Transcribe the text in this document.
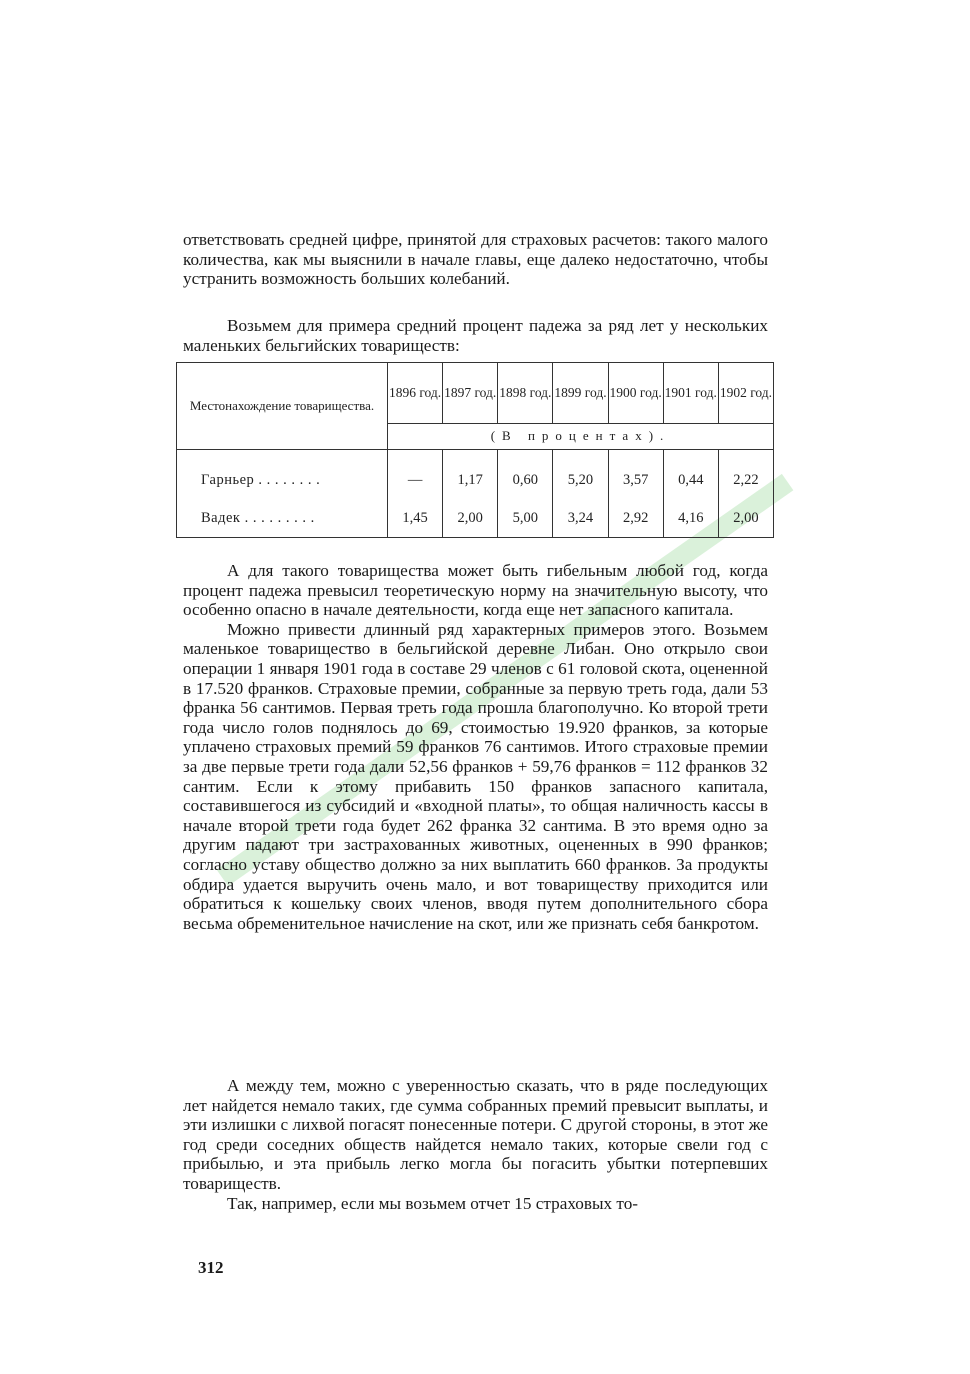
ответствовать средней цифре, принятой для страховых расчетов: такого малого количества, как мы выяснили в начале главы, еще далеко недостаточно, чтобы устранить возможность больших колебаний.

Возьмем для примера средний процент падежа за ряд лет у нескольких маленьких бельгийских товариществ:

Местонахождение товарищества.	1896 год.	1897 год.	1898 год.	1899 год.	1900 год.	1901 год.	1902 год.
	(В процентах).						

Гарньер . . . . . . . .	—	1,17	0,60	5,20	3,57	0,44	2,22
Вадек . . . . . . . . .	1,45	2,00	5,00	3,24	2,92	4,16	2,00

А для такого товарищества может быть гибельным любой год, когда процент падежа превысил теоретическую норму на значительную высоту, что особенно опасно в начале деятельности, когда еще нет запасного капитала.

Можно привести длинный ряд характерных примеров этого. Возьмем маленькое товарищество в бельгийской деревне Либан. Оно открыло свои операции 1 января 1901 года в составе 29 членов с 61 головой скота, оцененной в 17.520 франков. Страховые премии, собранные за первую треть года, дали 53 франка 56 сантимов. Первая треть года прошла благополучно. Ко второй трети года число голов поднялось до 69, стоимостью 19.920 франков, за которые уплачено страховых премий 59 франков 76 сантимов. Итого страховые премии за две первые трети года дали 52,56 франков + 59,76 франков = 112 франков 32 сантим. Если к этому прибавить 150 франков запасного капитала, составившегося из субсидий и «входной платы», то общая наличность кассы в начале второй трети года будет 262 франка 32 сантима. В это время одно за другим падают три застрахованных животных, оцененных в 990 франков; согласно уставу общество должно за них выплатить 660 франков. За продукты обдира удается выручить очень мало, и вот товариществу приходится или обратиться к кошельку своих членов, вводя путем дополнительного сбора весьма обременительное начисление на скот, или же признать себя банкротом.

А между тем, можно с уверенностью сказать, что в ряде последующих лет найдется немало таких, где сумма собранных премий превысит выплаты, и эти излишки с лихвой погасят понесенные потери. С другой стороны, в этот же год среди соседних обществ найдется немало таких, которые свели год с прибылью, и эта прибыль легко могла бы погасить убытки потерпевших товариществ.

Так, например, если мы возьмем отчет 15 страховых то-

312
